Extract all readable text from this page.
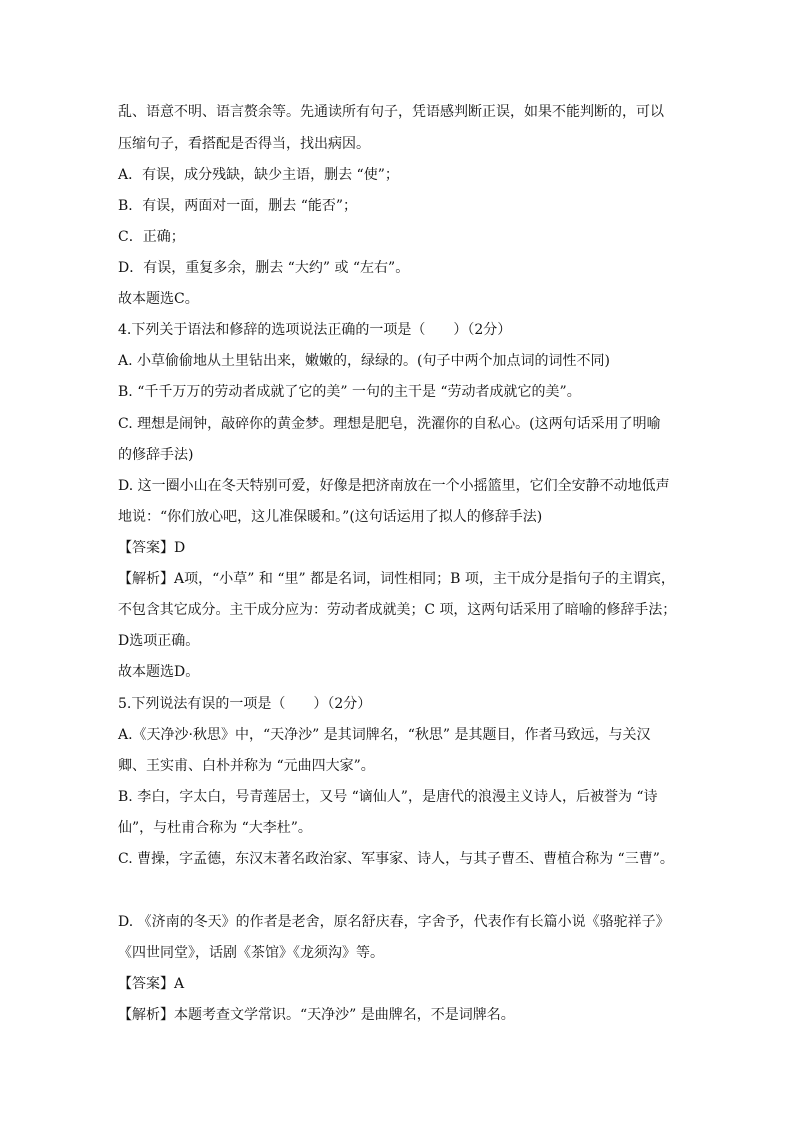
乱、语意不明、语言赘余等。先通读所有句子，凭语感判断正误，如果不能判断的，可以
压缩句子，看搭配是否得当，找出病因。
A．有误，成分残缺，缺少主语，删去 “使”；
B．有误，两面对一面，删去 “能否”；
C．正确；
D．有误，重复多余，删去 “大约” 或 “左右”。
故本题选C。
4.下列关于语法和修辞的选项说法正确的一项是（　　）（2分）
A. 小草偷偷地从土里钻出来，嫩嫩的，绿绿的。(句子中两个加点词的词性不同)
B. “千千万万的劳动者成就了它的美” 一句的主干是 “劳动者成就它的美”。
C. 理想是闹钟，敲碎你的黄金梦。理想是肥皂，洗濯你的自私心。(这两句话采用了明喻
的修辞手法)
D. 这一圈小山在冬天特别可爱，好像是把济南放在一个小摇篮里，它们全安静不动地低声
地说：“你们放心吧，这儿准保暖和。”(这句话运用了拟人的修辞手法)
【答案】D
【解析】A项，“小草” 和 “里” 都是名词，词性相同；B 项，主干成分是指句子的主谓宾，
不包含其它成分。主干成分应为：劳动者成就美；C 项，这两句话采用了暗喻的修辞手法；
D选项正确。
故本题选D。
5.下列说法有误的一项是（　　）（2分）
A.《天净沙·秋思》中，“天净沙” 是其词牌名，“秋思” 是其题目，作者马致远，与关汉
卿、王实甫、白朴并称为 “元曲四大家”。
B. 李白，字太白，号青莲居士，又号 “谪仙人”，是唐代的浪漫主义诗人，后被誉为 “诗
仙”，与杜甫合称为 “大李杜”。
C. 曹操，字孟德，东汉末著名政治家、军事家、诗人，与其子曹丕、曹植合称为 “三曹”。
D. 《济南的冬天》的作者是老舍，原名舒庆春，字舍予，代表作有长篇小说《骆驼祥子》
《四世同堂》，话剧《茶馆》《龙须沟》等。
【答案】A
【解析】本题考查文学常识。“天净沙” 是曲牌名，不是词牌名。
